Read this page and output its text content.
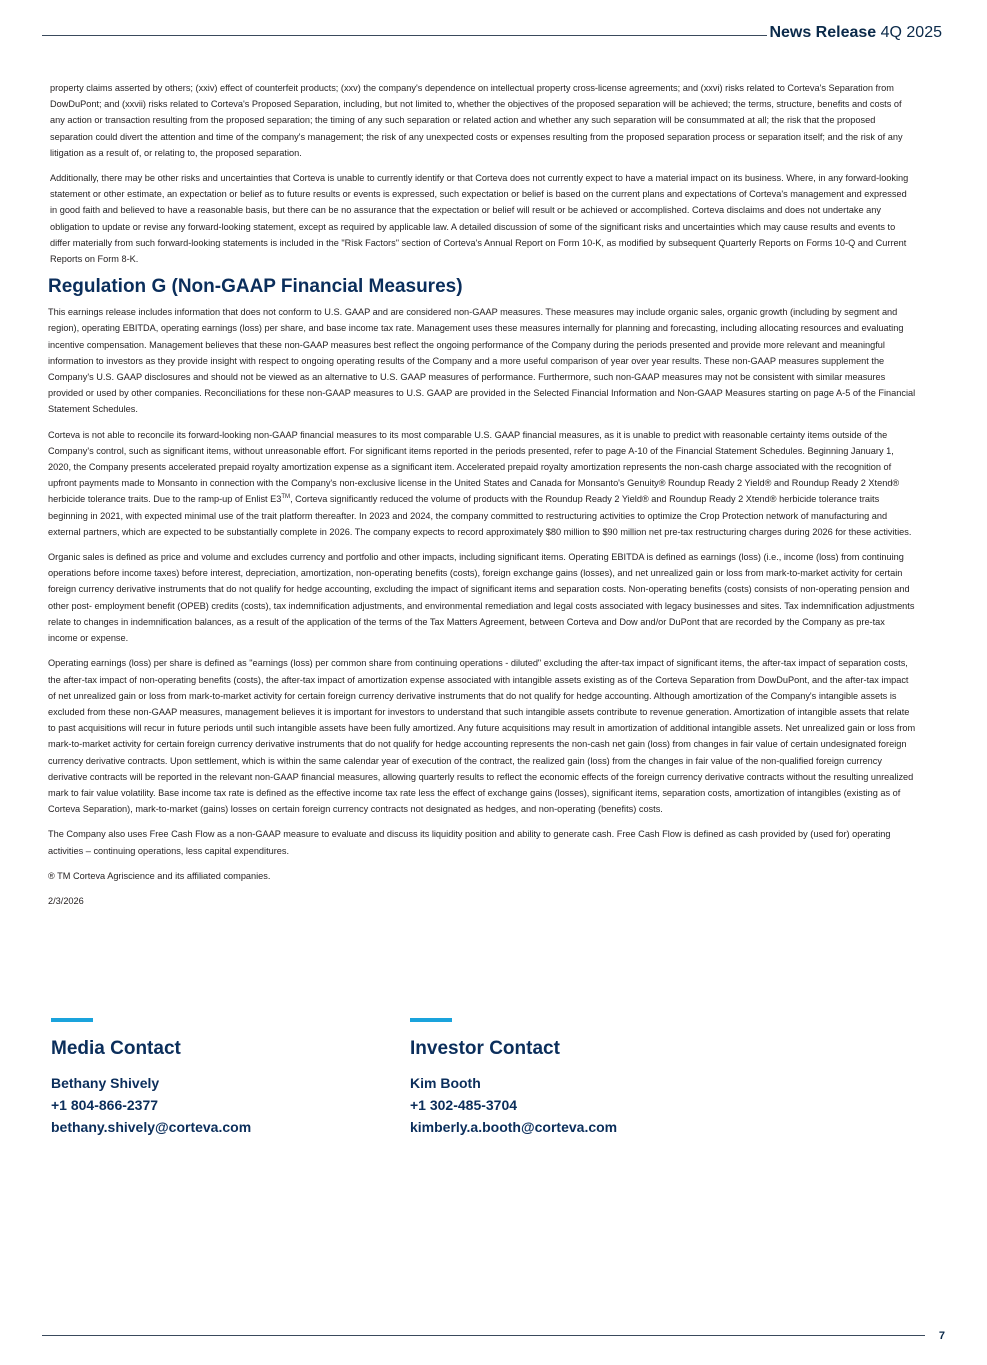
News Release 4Q 2025

property claims asserted by others; (xxiv) effect of counterfeit products; (xxv) the company's dependence on intellectual property cross-license agreements; and (xxvi) risks related to Corteva's Separation from DowDuPont; and (xxvii) risks related to Corteva's Proposed Separation, including, but not limited to, whether the objectives of the proposed separation will be achieved; the terms, structure, benefits and costs of any action or transaction resulting from the proposed separation; the timing of any such separation or related action and whether any such separation will be consummated at all; the risk that the proposed separation could divert the attention and time of the company's management; the risk of any unexpected costs or expenses resulting from the proposed separation process or separation itself; and the risk of any litigation as a result of, or relating to, the proposed separation.

Additionally, there may be other risks and uncertainties that Corteva is unable to currently identify or that Corteva does not currently expect to have a material impact on its business. Where, in any forward-looking statement or other estimate, an expectation or belief as to future results or events is expressed, such expectation or belief is based on the current plans and expectations of Corteva's management and expressed in good faith and believed to have a reasonable basis, but there can be no assurance that the expectation or belief will result or be achieved or accomplished. Corteva disclaims and does not undertake any obligation to update or revise any forward-looking statement, except as required by applicable law. A detailed discussion of some of the significant risks and uncertainties which may cause results and events to differ materially from such forward-looking statements is included in the "Risk Factors" section of Corteva's Annual Report on Form 10-K, as modified by subsequent Quarterly Reports on Forms 10-Q and Current Reports on Form 8-K.

Regulation G (Non-GAAP Financial Measures)

This earnings release includes information that does not conform to U.S. GAAP and are considered non-GAAP measures. These measures may include organic sales, organic growth (including by segment and region), operating EBITDA, operating earnings (loss) per share, and base income tax rate. Management uses these measures internally for planning and forecasting, including allocating resources and evaluating incentive compensation. Management believes that these non-GAAP measures best reflect the ongoing performance of the Company during the periods presented and provide more relevant and meaningful information to investors as they provide insight with respect to ongoing operating results of the Company and a more useful comparison of year over year results. These non-GAAP measures supplement the Company's U.S. GAAP disclosures and should not be viewed as an alternative to U.S. GAAP measures of performance. Furthermore, such non-GAAP measures may not be consistent with similar measures provided or used by other companies. Reconciliations for these non-GAAP measures to U.S. GAAP are provided in the Selected Financial Information and Non-GAAP Measures starting on page A-5 of the Financial Statement Schedules.

Corteva is not able to reconcile its forward-looking non-GAAP financial measures to its most comparable U.S. GAAP financial measures, as it is unable to predict with reasonable certainty items outside of the Company's control, such as significant items, without unreasonable effort. For significant items reported in the periods presented, refer to page A-10 of the Financial Statement Schedules. Beginning January 1, 2020, the Company presents accelerated prepaid royalty amortization expense as a significant item. Accelerated prepaid royalty amortization represents the non-cash charge associated with the recognition of upfront payments made to Monsanto in connection with the Company's non-exclusive license in the United States and Canada for Monsanto's Genuity® Roundup Ready 2 Yield® and Roundup Ready 2 Xtend® herbicide tolerance traits. Due to the ramp-up of Enlist E3™, Corteva significantly reduced the volume of products with the Roundup Ready 2 Yield® and Roundup Ready 2 Xtend® herbicide tolerance traits beginning in 2021, with expected minimal use of the trait platform thereafter. In 2023 and 2024, the company committed to restructuring activities to optimize the Crop Protection network of manufacturing and external partners, which are expected to be substantially complete in 2026. The company expects to record approximately $80 million to $90 million net pre-tax restructuring charges during 2026 for these activities.

Organic sales is defined as price and volume and excludes currency and portfolio and other impacts, including significant items. Operating EBITDA is defined as earnings (loss) (i.e., income (loss) from continuing operations before income taxes) before interest, depreciation, amortization, non-operating benefits (costs), foreign exchange gains (losses), and net unrealized gain or loss from mark-to-market activity for certain foreign currency derivative instruments that do not qualify for hedge accounting, excluding the impact of significant items and separation costs. Non-operating benefits (costs) consists of non-operating pension and other post- employment benefit (OPEB) credits (costs), tax indemnification adjustments, and environmental remediation and legal costs associated with legacy businesses and sites. Tax indemnification adjustments relate to changes in indemnification balances, as a result of the application of the terms of the Tax Matters Agreement, between Corteva and Dow and/or DuPont that are recorded by the Company as pre-tax income or expense.

Operating earnings (loss) per share is defined as "earnings (loss) per common share from continuing operations - diluted" excluding the after-tax impact of significant items, the after-tax impact of separation costs, the after-tax impact of non-operating benefits (costs), the after-tax impact of amortization expense associated with intangible assets existing as of the Corteva Separation from DowDuPont, and the after-tax impact of net unrealized gain or loss from mark-to-market activity for certain foreign currency derivative instruments that do not qualify for hedge accounting. Although amortization of the Company's intangible assets is excluded from these non-GAAP measures, management believes it is important for investors to understand that such intangible assets contribute to revenue generation. Amortization of intangible assets that relate to past acquisitions will recur in future periods until such intangible assets have been fully amortized. Any future acquisitions may result in amortization of additional intangible assets. Net unrealized gain or loss from mark-to-market activity for certain foreign currency derivative instruments that do not qualify for hedge accounting represents the non-cash net gain (loss) from changes in fair value of certain undesignated foreign currency derivative contracts. Upon settlement, which is within the same calendar year of execution of the contract, the realized gain (loss) from the changes in fair value of the non-qualified foreign currency derivative contracts will be reported in the relevant non-GAAP financial measures, allowing quarterly results to reflect the economic effects of the foreign currency derivative contracts without the resulting unrealized mark to fair value volatility. Base income tax rate is defined as the effective income tax rate less the effect of exchange gains (losses), significant items, separation costs, amortization of intangibles (existing as of Corteva Separation), mark-to-market (gains) losses on certain foreign currency contracts not designated as hedges, and non-operating (benefits) costs.

The Company also uses Free Cash Flow as a non-GAAP measure to evaluate and discuss its liquidity position and ability to generate cash. Free Cash Flow is defined as cash provided by (used for) operating activities – continuing operations, less capital expenditures.

® TM Corteva Agriscience and its affiliated companies.

2/3/2026

Media Contact
Bethany Shively
+1 804-866-2377
bethany.shively@corteva.com
Investor Contact
Kim Booth
+1 302-485-3704
kimberly.a.booth@corteva.com
7
